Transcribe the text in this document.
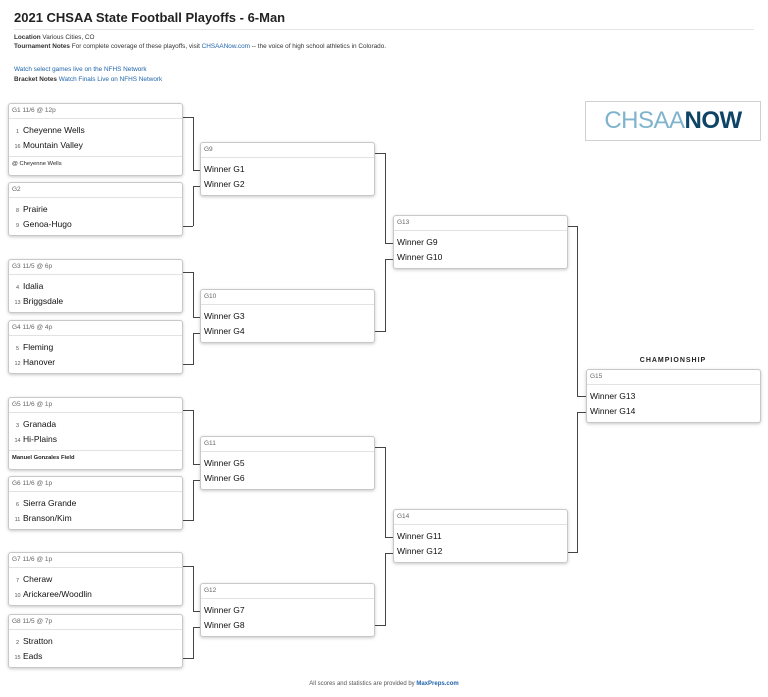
2021 CHSAA State Football Playoffs - 6-Man
Location Various Cities, CO
Tournament Notes For complete coverage of these playoffs, visit CHSAANow.com -- the voice of high school athletics in Colorado.
Watch select games live on the NFHS Network
Bracket Notes Watch Finals Live on NFHS Network
CHSAANOW
G1 11/6 @ 12p
1 Cheyenne Wells
16 Mountain Valley
@ Cheyenne Wells
G2
8 Prairie
9 Genoa-Hugo
G3 11/5 @ 6p
4 Idalia
13 Briggsdale
G4 11/6 @ 4p
5 Fleming
12 Hanover
G5 11/6 @ 1p
3 Granada
14 Hi-Plains
Manuel Gonzales Field
G6 11/6 @ 1p
6 Sierra Grande
11 Branson/Kim
G7 11/6 @ 1p
7 Cheraw
10 Arickaree/Woodlin
G8 11/5 @ 7p
2 Stratton
15 Eads
G9
Winner G1
Winner G2
G10
Winner G3
Winner G4
G11
Winner G5
Winner G6
G12
Winner G7
Winner G8
G13
Winner G9
Winner G10
G14
Winner G11
Winner G12
CHAMPIONSHIP
G15
Winner G13
Winner G14
All scores and statistics are provided by MaxPreps.com
